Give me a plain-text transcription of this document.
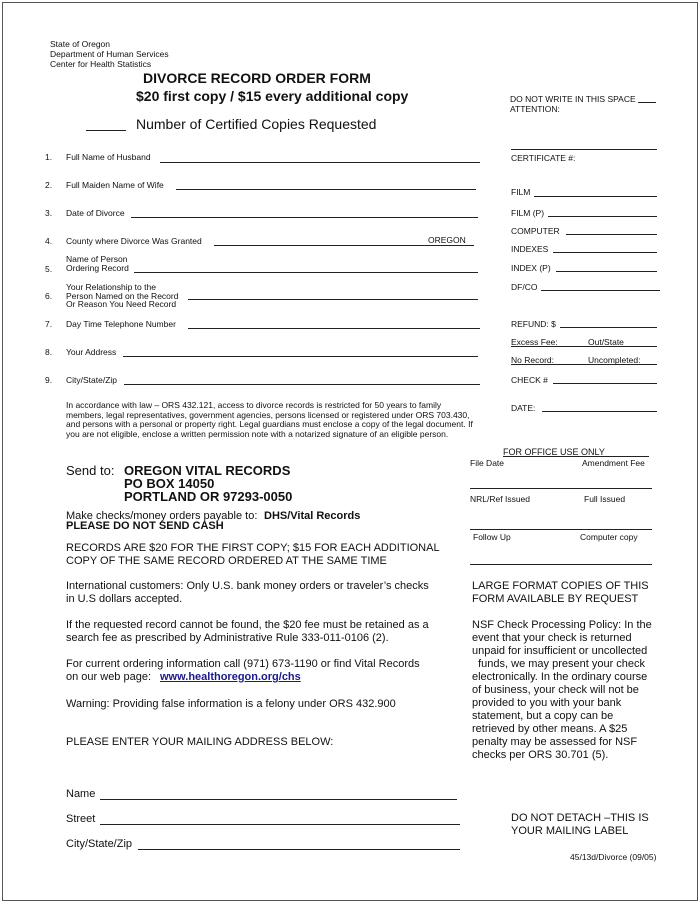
State of Oregon
Department of Human Services
Center for Health Statistics
DIVORCE RECORD ORDER FORM
$20 first copy / $15 every additional copy
Number of Certified Copies Requested
1. Full Name of Husband
2. Full Maiden Name of Wife
3. Date of Divorce
4. County where Divorce Was Granted	OREGON
Name of Person
5. Ordering Record
Your Relationship to the
6. Person Named on the Record
Or Reason You Need Record
7. Day Time Telephone Number
8. Your Address
9. City/State/Zip
In accordance with law – ORS 432.121, access to divorce records is restricted for 50 years to family members, legal representatives, government agencies, persons licensed or registered under ORS 703.430, and persons with a personal or property right. Legal guardians must enclose a copy of the legal document. If you are not eligible, enclose a written permission note with a notarized signature of an eligible person.
Send to: OREGON VITAL RECORDS
PO BOX 14050
PORTLAND OR 97293-0050
Make checks/money orders payable to: DHS/Vital Records
PLEASE DO NOT SEND CASH
RECORDS ARE $20 FOR THE FIRST COPY; $15 FOR EACH ADDITIONAL
COPY OF THE SAME RECORD ORDERED AT THE SAME TIME
International customers: Only U.S. bank money orders or traveler’s checks
in U.S dollars accepted.
If the requested record cannot be found, the $20 fee must be retained as a
search fee as prescribed by Administrative Rule 333-011-0106 (2).
For current ordering information call (971) 673-1190 or find Vital Records
on our web page: www.healthoregon.org/chs
Warning: Providing false information is a felony under ORS 432.900
PLEASE ENTER YOUR MAILING ADDRESS BELOW:
Name
Street
City/State/Zip
DO NOT WRITE IN THIS SPACE
ATTENTION:
CERTIFICATE #:
FILM
FILM (P)
COMPUTER
INDEXES
INDEX (P)
DF/CO
REFUND: $
Excess Fee:	Out/State
No Record:	Uncompleted:
CHECK #
DATE:
FOR OFFICE USE ONLY
File Date	Amendment Fee
NRL/Ref Issued	Full Issued
Follow Up	Computer copy
LARGE FORMAT COPIES OF THIS
FORM AVAILABLE BY REQUEST
NSF Check Processing Policy: In the
event that your check is returned
unpaid for insufficient or uncollected
funds, we may present your check
electronically. In the ordinary course
of business, your check will not be
provided to you with your bank
statement, but a copy can be
retrieved by other means. A $25
penalty may be assessed for NSF
checks per ORS 30.701 (5).
DO NOT DETACH –THIS IS
YOUR MAILING LABEL
45/13d/Divorce (09/05)
